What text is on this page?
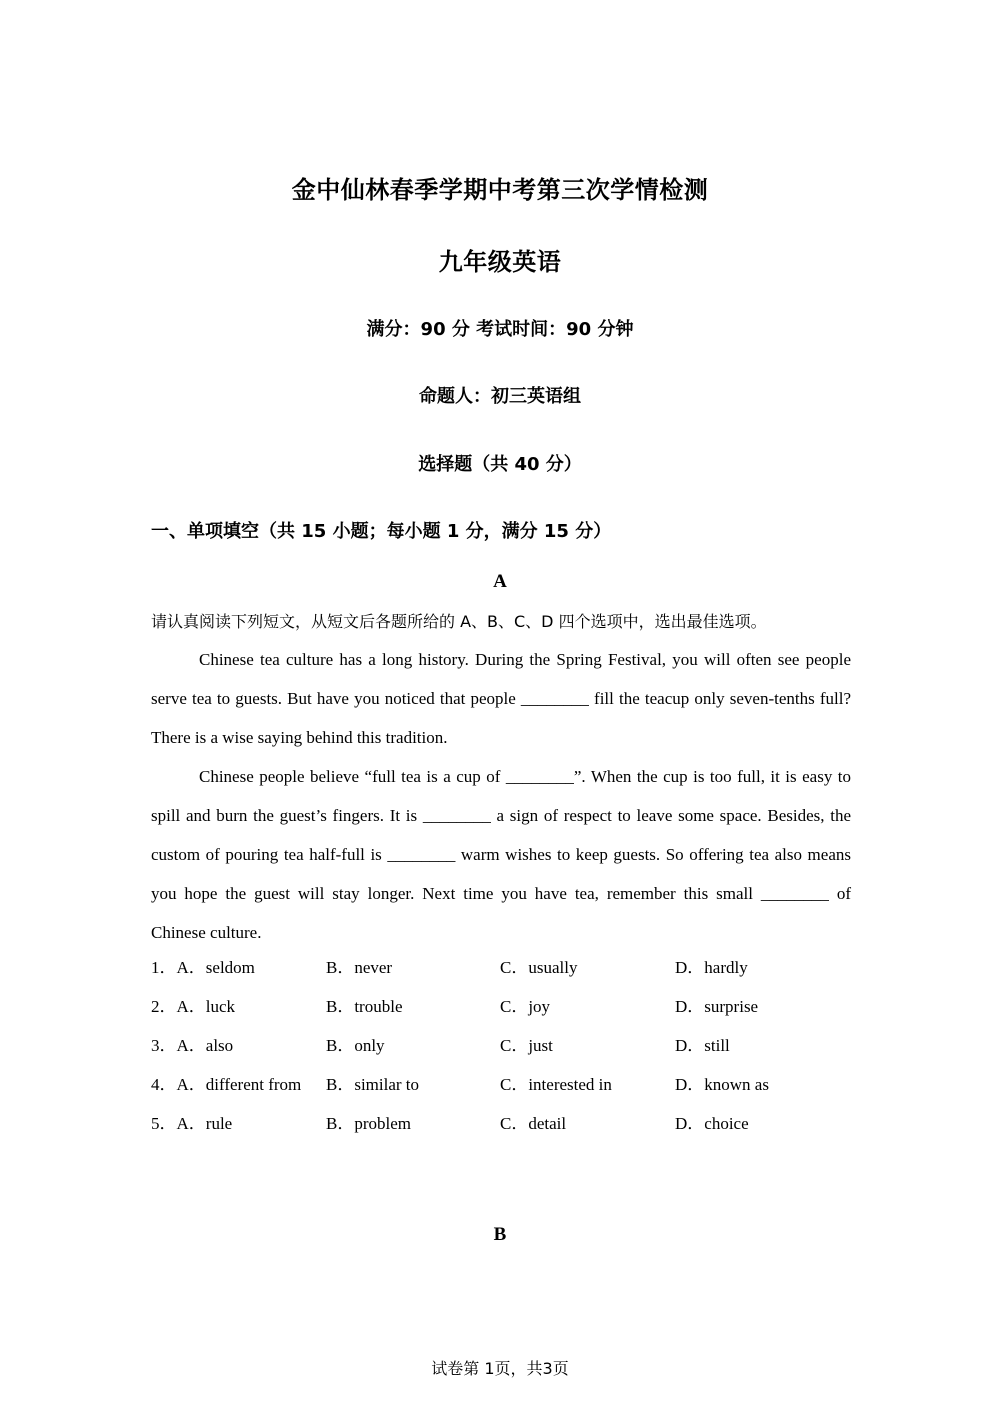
金中仙林春季学期中考第三次学情检测
九年级英语
满分：90 分 考试时间：90 分钟
命题人：初三英语组
选择题（共 40 分）
一、单项填空（共 15 小题；每小题 1 分，满分 15 分）
A
请认真阅读下列短文，从短文后各题所给的 A、B、C、D 四个选项中，选出最佳选项。

Chinese tea culture has a long history. During the Spring Festival, you will often see people serve tea to guests. But have you noticed that people ________ fill the teacup only seven-tenths full? There is a wise saying behind this tradition.

Chinese people believe “full tea is a cup of ________”. When the cup is too full, it is easy to spill and burn the guest’s fingers. It is ________ a sign of respect to leave some space. Besides, the custom of pouring tea half-full is ________ warm wishes to keep guests. So offering tea also means you hope the guest will stay longer. Next time you have tea, remember this small ________ of Chinese culture.

1．A．seldom	B．never	C．usually	D．hardly
2．A．luck	B．trouble	C．joy	D．surprise
3．A．also	B．only	C．just	D．still
4．A．different from B．similar to	C．interested in	D．known as
5．A．rule	B．problem	C．detail	D．choice
B
试卷第 1页，共3页
